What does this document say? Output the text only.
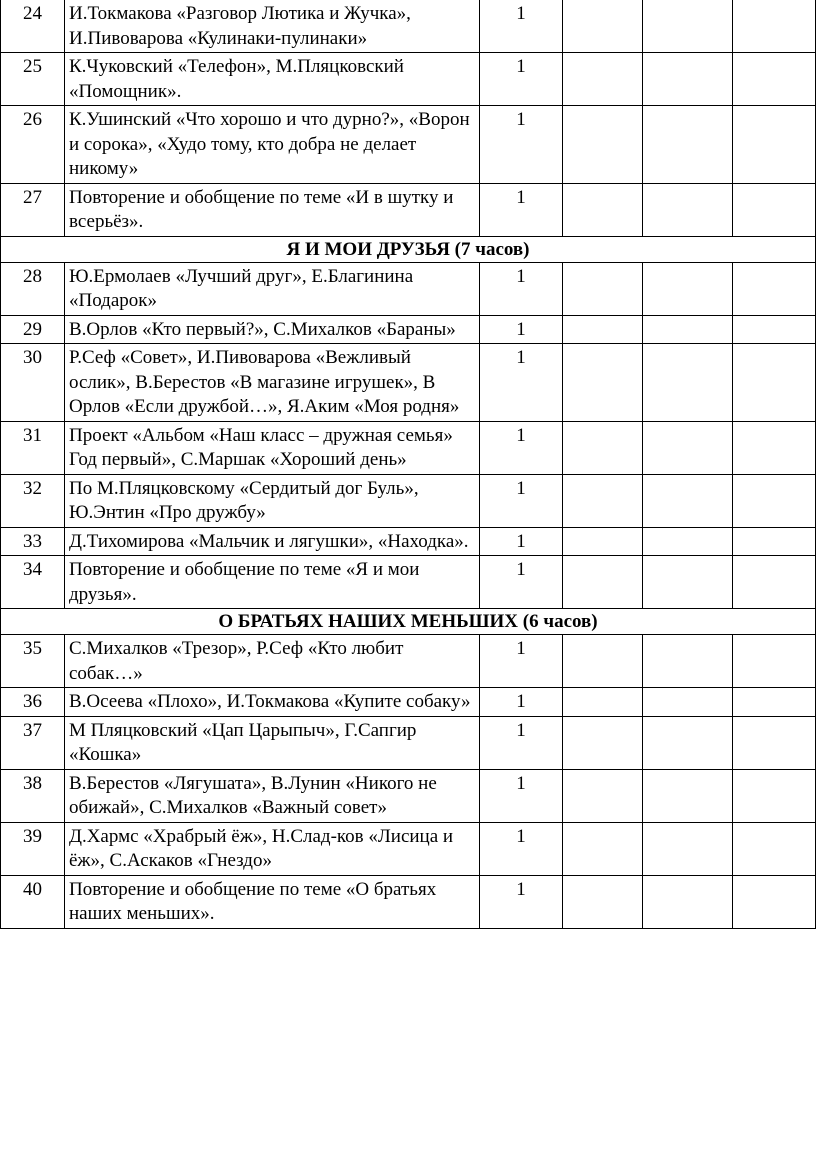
24	И.Токмакова «Разговор Лютика и Жучка», И.Пивоварова «Кулинаки-пулинаки»	1			
25	К.Чуковский «Телефон», М.Пляцковский «Помощник».	1			
26	К.Ушинский «Что хорошо и что дурно?», «Ворон и сорока», «Худо тому, кто добра не делает никому»	1			
27	Повторение и обобщение по теме «И в шутку и всерьёз».	1			
Я И МОИ ДРУЗЬЯ (7 часов)					
28	Ю.Ермолаев «Лучший друг», Е.Благинина «Подарок»	1			
29	В.Орлов «Кто первый?», С.Михалков «Бараны»	1			
30	Р.Сеф «Совет», И.Пивоварова «Вежливый ослик», В.Берестов «В магазине игрушек», В Орлов «Если дружбой…», Я.Аким «Моя родня»	1			
31	Проект «Альбом «Наш класс – дружная семья» Год первый», С.Маршак «Хороший день»	1			
32	По М.Пляцковскому «Сердитый дог Буль», Ю.Энтин «Про дружбу»	1			
33	Д.Тихомирова «Мальчик и лягушки», «Находка».	1			
34	Повторение и обобщение по теме «Я и мои друзья».	1			
О БРАТЬЯХ НАШИХ МЕНЬШИХ (6 часов)					
35	С.Михалков «Трезор», Р.Сеф «Кто любит собак…»	1			
36	В.Осеева «Плохо», И.Токмакова «Купите собаку»	1			
37	М Пляцковский «Цап Царыпыч», Г.Сапгир «Кошка»	1			
38	В.Берестов «Лягушата», В.Лунин «Никого не обижай», С.Михалков «Важный совет»	1			
39	Д.Хармс «Храбрый ёж», Н.Слад-ков «Лисица и ёж», С.Аскаков «Гнездо»	1			
40	Повторение и обобщение по теме «О братьях наших меньших».	1			
